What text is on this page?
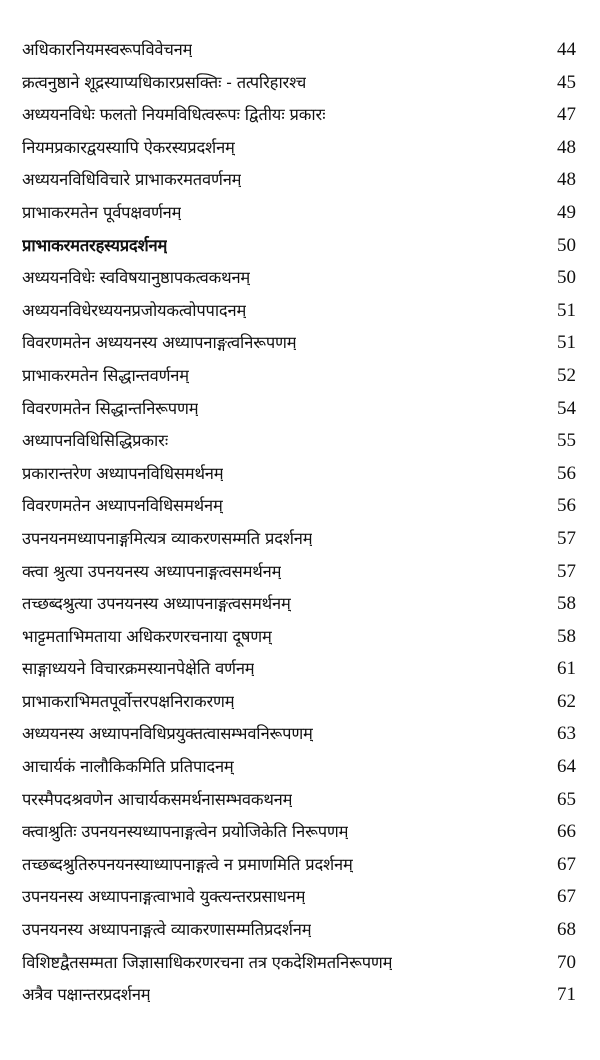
अधिकारनियमस्वरूपविवेचनम्	44
क्रत्वनुष्ठाने शूद्रस्याप्यधिकारप्रसक्तिः - तत्परिहारश्च	45
अध्ययनविधेः फलतो नियमविधित्वरूपः द्वितीयः प्रकारः	47
नियमप्रकारद्वयस्यापि ऐकरस्यप्रदर्शनम्	48
अध्ययनविधिविचारे प्राभाकरमतवर्णनम्	48
प्राभाकरमतेन पूर्वपक्षवर्णनम्	49
प्राभाकरमतरहस्यप्रदर्शनम्	50
अध्ययनविधेः स्वविषयानुष्ठापकत्वकथनम्	50
अध्ययनविधेरध्ययनप्रजोयकत्वोपपादनम्	51
विवरणमतेन अध्ययनस्य अध्यापनाङ्गत्वनिरूपणम्	51
प्राभाकरमतेन सिद्धान्तवर्णनम्	52
विवरणमतेन सिद्धान्तनिरूपणम्	54
अध्यापनविधिसिद्धिप्रकारः	55
प्रकारान्तरेण अध्यापनविधिसमर्थनम्	56
विवरणमतेन अध्यापनविधिसमर्थनम्	56
उपनयनमध्यापनाङ्गमित्यत्र व्याकरणसम्मति प्रदर्शनम्	57
क्त्वा श्रुत्या उपनयनस्य अध्यापनाङ्गत्वसमर्थनम्	57
तच्छब्दश्रुत्या उपनयनस्य अध्यापनाङ्गत्वसमर्थनम्	58
भाट्टमताभिमताया अधिकरणरचनाया दूषणम्	58
साङ्गाध्ययने विचारक्रमस्यानपेक्षेति वर्णनम्	61
प्राभाकराभिमतपूर्वोत्तरपक्षनिराकरणम्	62
अध्ययनस्य अध्यापनविधिप्रयुक्तत्वासम्भवनिरूपणम्	63
आचार्यकं नालौकिकमिति प्रतिपादनम्	64
परस्मैपदश्रवणेन आचार्यकसमर्थनासम्भवकथनम्	65
क्त्वाश्रुतिः उपनयनस्यध्यापनाङ्गत्वेन प्रयोजिकेति निरूपणम्	66
तच्छब्दश्रुतिरुपनयनस्याध्यापनाङ्गत्वे न प्रमाणमिति प्रदर्शनम्	67
उपनयनस्य अध्यापनाङ्गत्वाभावे युक्त्यन्तरप्रसाधनम्	67
उपनयनस्य अध्यापनाङ्गत्वे व्याकरणासम्मतिप्रदर्शनम्	68
विशिष्टद्वैतसम्मता जिज्ञासाधिकरणरचना तत्र एकदेशिमतनिरूपणम्	70
अत्रैव पक्षान्तरप्रदर्शनम्	71
